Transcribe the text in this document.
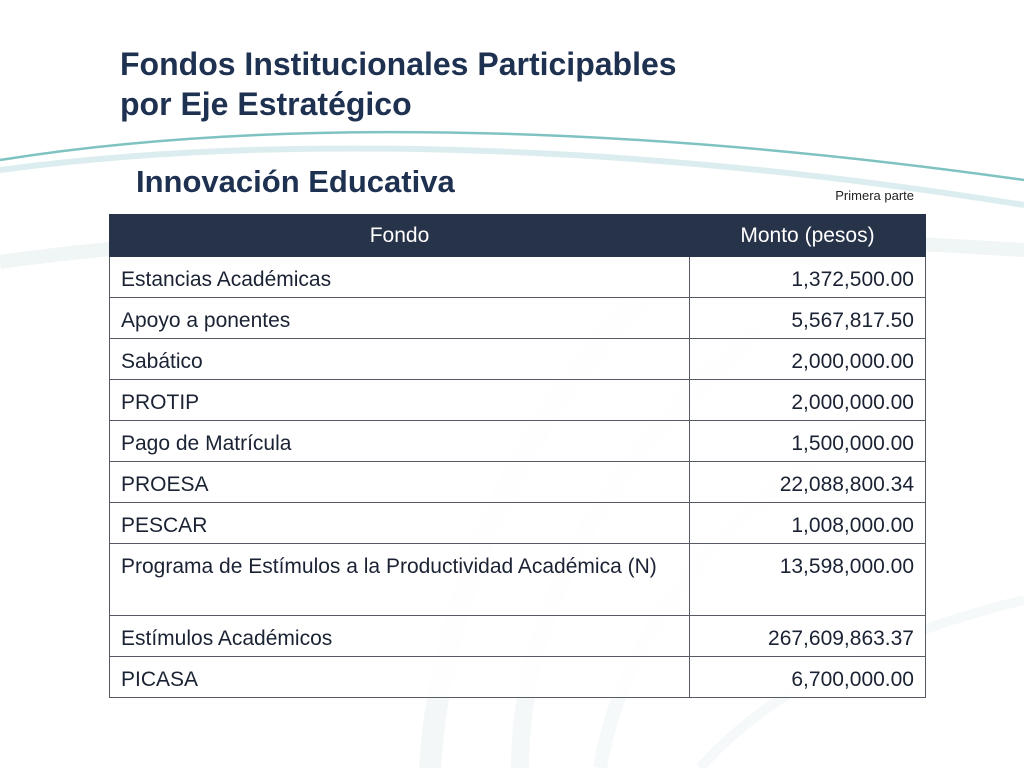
Fondos Institucionales Participables
por Eje Estratégico
Innovación Educativa	Primera parte
Fondo	Monto (pesos)
Estancias Académicas	1,372,500.00
Apoyo a ponentes	5,567,817.50
Sabático	2,000,000.00
PROTIP	2,000,000.00
Pago de Matrícula	1,500,000.00
PROESA	22,088,800.34
PESCAR	1,008,000.00
Programa de Estímulos a la Productividad Académica (N)	13,598,000.00
Estímulos Académicos	267,609,863.37
PICASA	6,700,000.00
